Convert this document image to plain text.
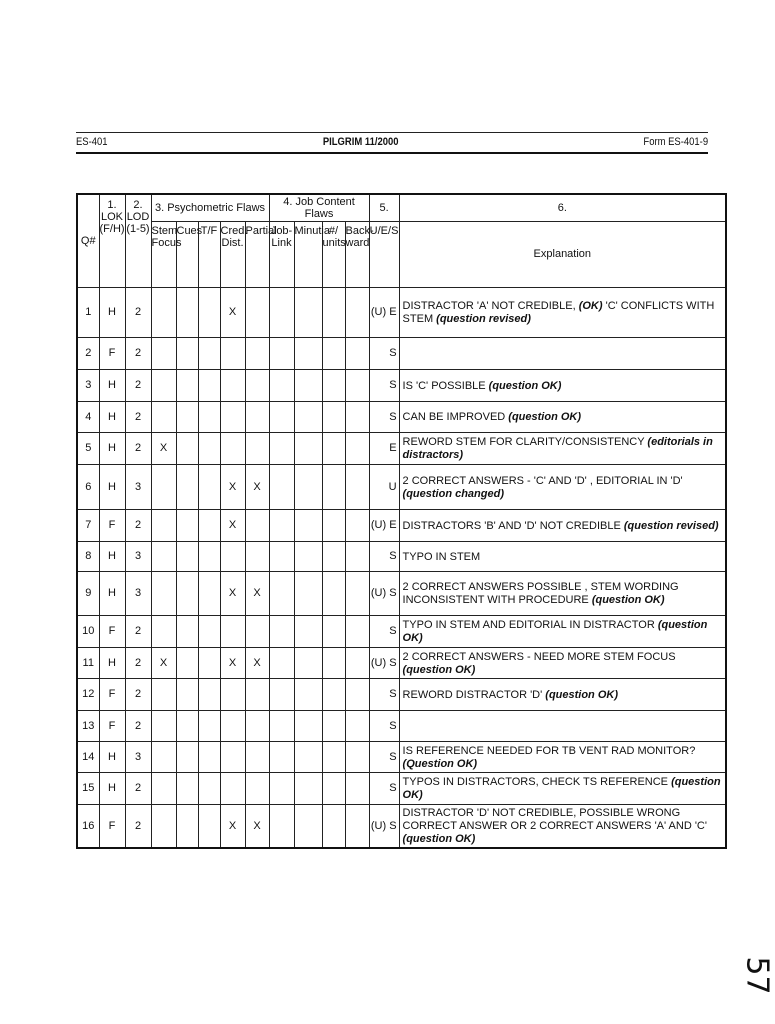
ES-401	PILGRIM 11/2000	Form ES-401-9
Q#	1. LOK (F/H)	2. LOD (1-5)	3. Psychometric Flaws					4. Job Content Flaws				5.	6.
			Stem Focus	Cues	T/F	Cred. Dist.	Partial	Job-Link	Minutia	#/ units	Back-ward	U/E/S	Explanation
1	H	2				X						(U) E	DISTRACTOR 'A' NOT CREDIBLE, (OK) 'C' CONFLICTS WITH STEM (question revised)
2	F	2										S	
3	H	2										S	IS 'C' POSSIBLE (question OK)
4	H	2										S	CAN BE IMPROVED (question OK)
5	H	2	X									E	REWORD STEM FOR CLARITY/CONSISTENCY (editorials in distractors)
6	H	3				X	X					U	2 CORRECT ANSWERS - 'C' AND 'D' , EDITORIAL IN 'D' (question changed)
7	F	2				X						(U) E	DISTRACTORS 'B' AND 'D' NOT CREDIBLE (question revised)
8	H	3										S	TYPO IN STEM
9	H	3				X	X					(U) S	2 CORRECT ANSWERS POSSIBLE , STEM WORDING INCONSISTENT WITH PROCEDURE (question OK)
10	F	2										S	TYPO IN STEM AND EDITORIAL IN DISTRACTOR (question OK)
11	H	2	X			X	X					(U) S	2 CORRECT ANSWERS - NEED MORE STEM FOCUS (question OK)
12	F	2										S	REWORD DISTRACTOR 'D' (question OK)
13	F	2										S	
14	H	3										S	IS REFERENCE NEEDED FOR TB VENT RAD MONITOR? (Question OK)
15	H	2										S	TYPOS IN DISTRACTORS, CHECK TS REFERENCE (question OK)
16	F	2				X	X					(U) S	DISTRACTOR 'D' NOT CREDIBLE, POSSIBLE WRONG CORRECT ANSWER OR 2 CORRECT ANSWERS 'A' AND 'C' (question OK)
57
